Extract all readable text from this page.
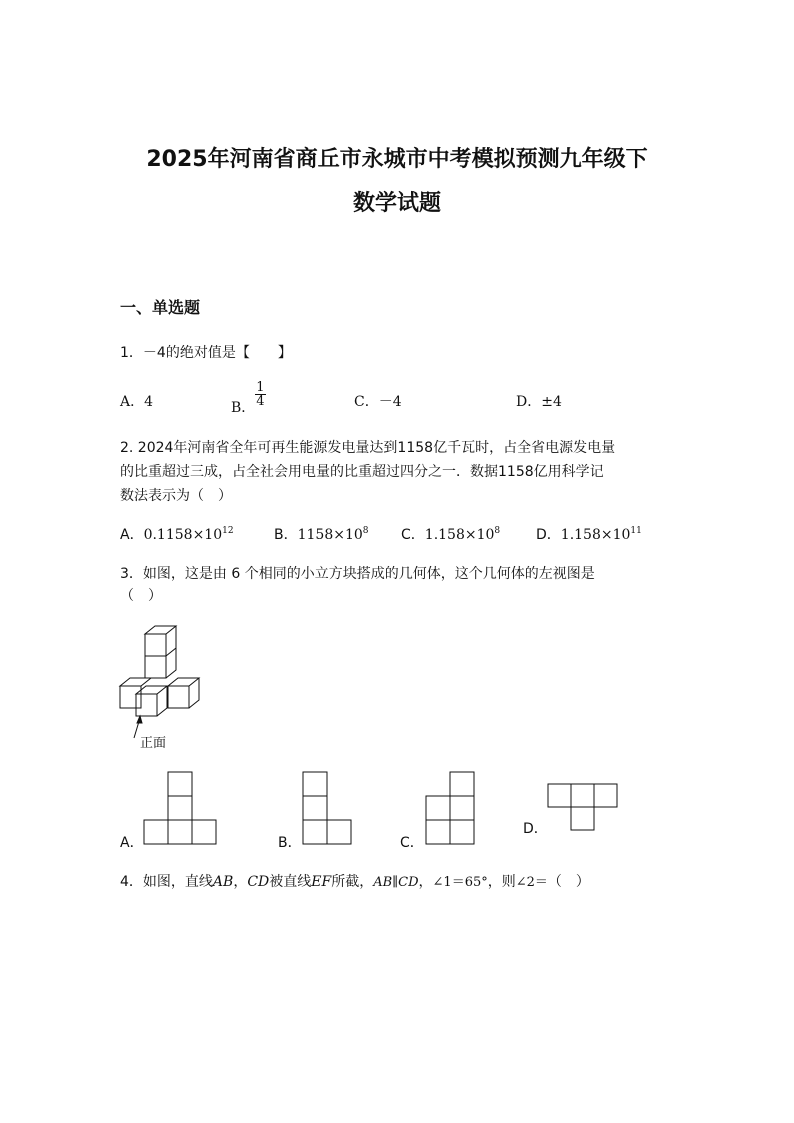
2025年河南省商丘市永城市中考模拟预测九年级下
数学试题
一、单选题
1．－4的绝对值是【　　】
A．4	B． $\frac{1}{4}$	C．－4	D．±4
2. 2024年河南省全年可再生能源发电量达到1158亿千瓦时，占全省电源发电量
的比重超过三成，占全社会用电量的比重超过四分之一．数据1158亿用科学记
数法表示为（　）
A．$0.1158\times 10^{12}$	B．$1158\times 10^8$ C．$1.158\times 10^8$	D．$1.158\times 10^{11}$
3．如图，这是由 6 个相同的小立方块搭成的几何体，这个几何体的左视图是
（　）
正面
A．	B．	C．
D．
4．如图，直线AB，CD被直线EF所截，AB∥CD，∠1＝65°，则∠2＝（　）
